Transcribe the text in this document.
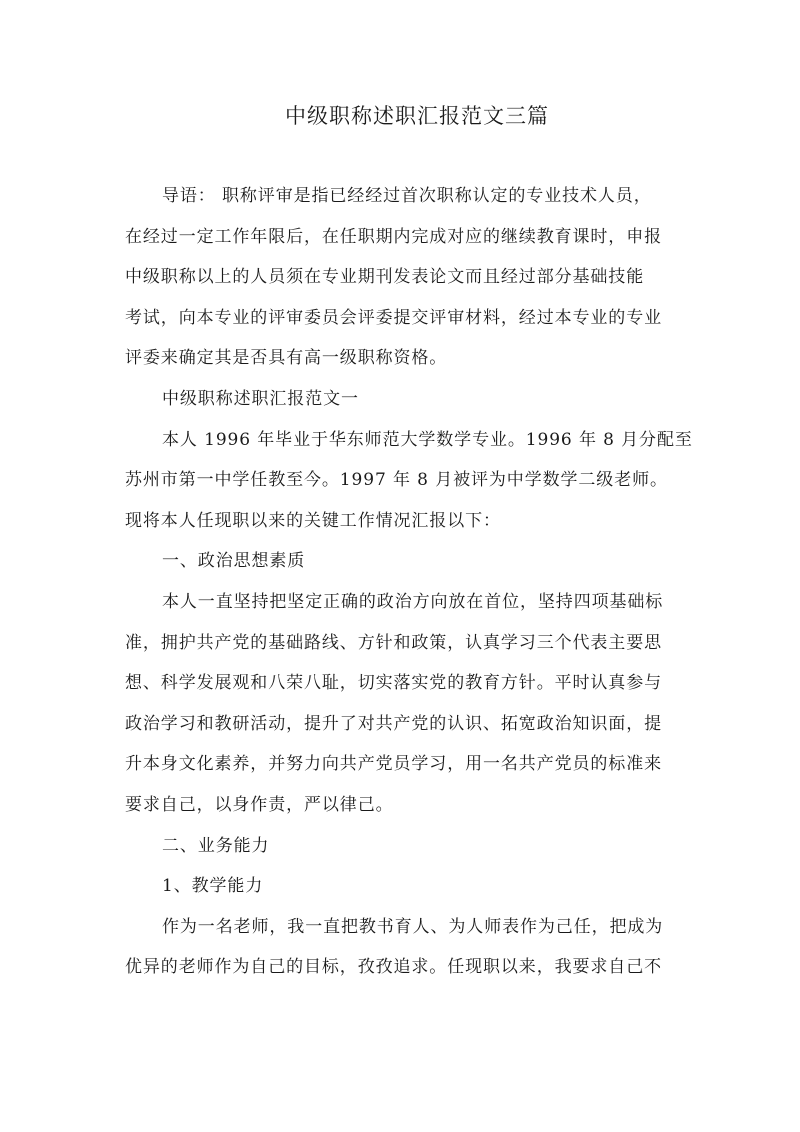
中级职称述职汇报范文三篇
导语： 职称评审是指已经经过首次职称认定的专业技术人员，
在经过一定工作年限后，在任职期内完成对应的继续教育课时，申报
中级职称以上的人员须在专业期刊发表论文而且经过部分基础技能
考试，向本专业的评审委员会评委提交评审材料，经过本专业的专业
评委来确定其是否具有高一级职称资格。
中级职称述职汇报范文一
本人 1996 年毕业于华东师范大学数学专业。1996 年 8 月分配至
苏州市第一中学任教至今。1997 年 8 月被评为中学数学二级老师。
现将本人任现职以来的关键工作情况汇报以下：
一、政治思想素质
本人一直坚持把坚定正确的政治方向放在首位，坚持四项基础标
准，拥护共产党的基础路线、方针和政策，认真学习三个代表主要思
想、科学发展观和八荣八耻，切实落实党的教育方针。平时认真参与
政治学习和教研活动，提升了对共产党的认识、拓宽政治知识面，提
升本身文化素养，并努力向共产党员学习，用一名共产党员的标准来
要求自己，以身作责，严以律己。
二、业务能力
1、教学能力
作为一名老师，我一直把教书育人、为人师表作为己任，把成为
优异的老师作为自己的目标，孜孜追求。任现职以来，我要求自己不
